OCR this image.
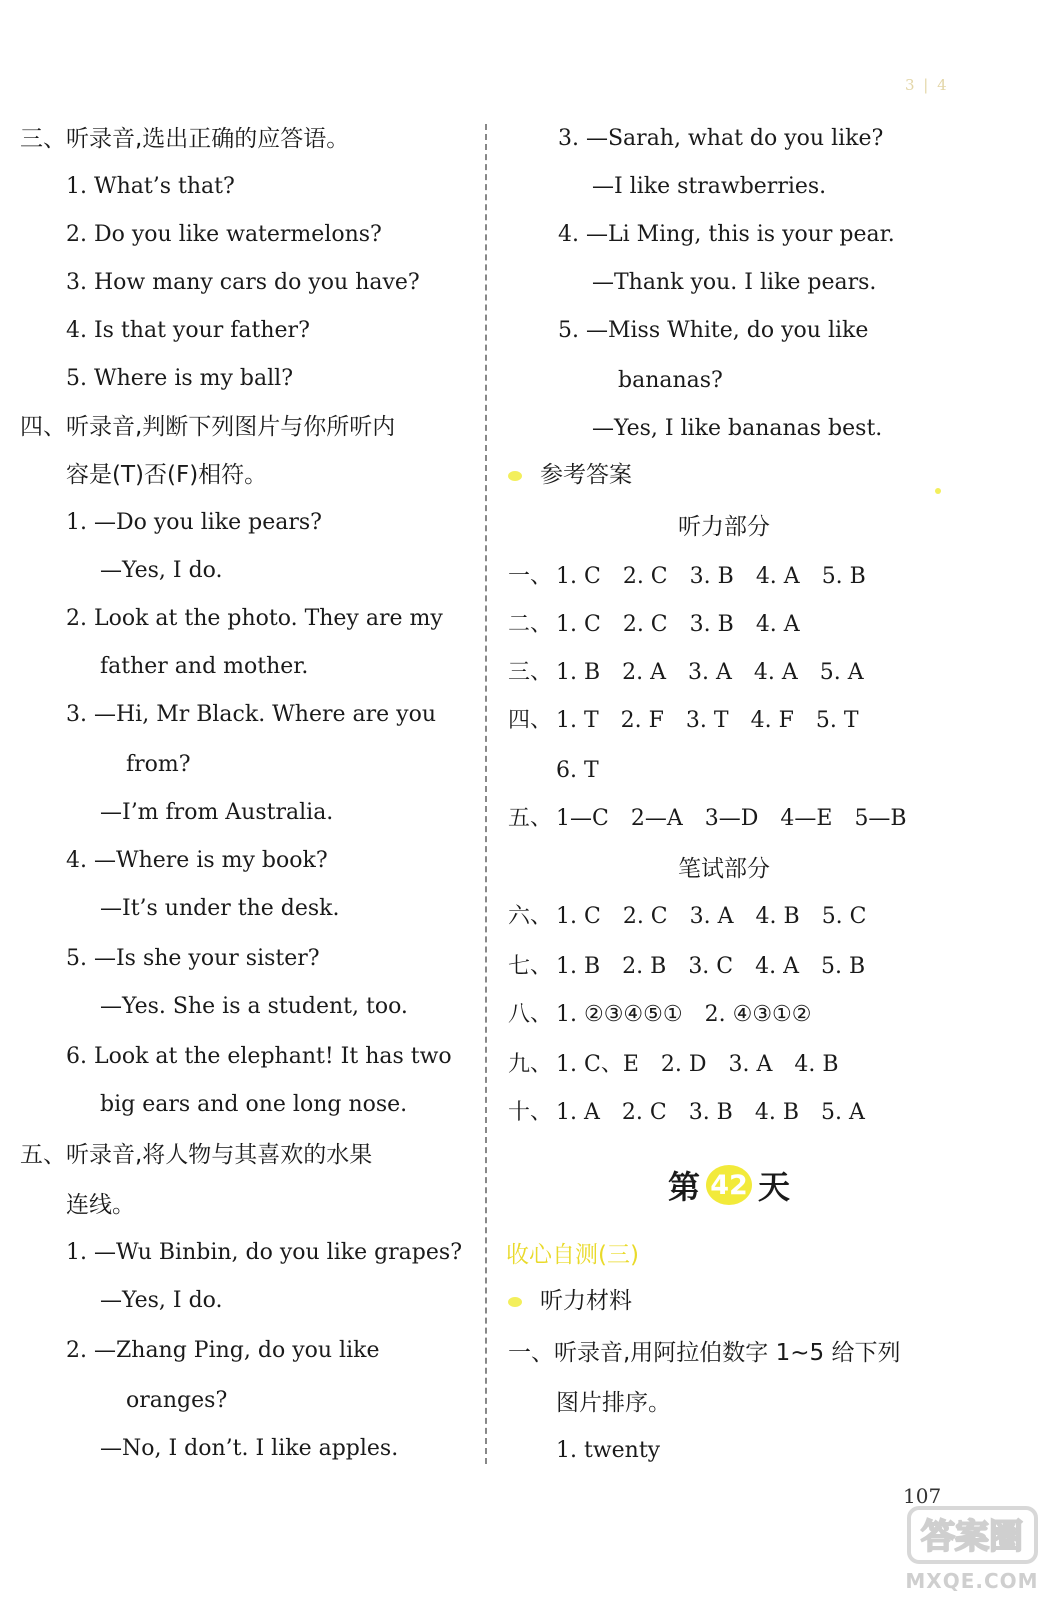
3 | 4
三、听录音,选出正确的应答语。
1. What’s that?
2. Do you like watermelons?
3. How many cars do you have?
4. Is that your father?
5. Where is my ball?
四、听录音,判断下列图片与你所听内
容是(T)否(F)相符。
1. —Do you like pears?
—Yes, I do.
2. Look at the photo. They are my
father and mother.
3. —Hi, Mr Black. Where are you
from?
—I’m from Australia.
4. —Where is my book?
—It’s under the desk.
5. —Is she your sister?
—Yes. She is a student, too.
6. Look at the elephant! It has two
big ears and one long nose.
五、听录音,将人物与其喜欢的水果
连线。
1. —Wu Binbin, do you like grapes?
—Yes, I do.
2. —Zhang Ping, do you like
oranges?
—No, I don’t. I like apples.
3. —Sarah, what do you like?
—I like strawberries.
4. —Li Ming, this is your pear.
—Thank you. I like pears.
5. —Miss White, do you like
bananas?
—Yes, I like bananas best.
参考答案
听力部分
一、 1. C 2. C 3. B 4. A 5. B
二、 1. C 2. C 3. B 4. A
三、 1. B 2. A 3. A 4. A 5. A
四、 1. T 2. F 3. T 4. F 5. T
6. T
五、 1—C 2—A 3—D 4—E 5—B
笔试部分
六、 1. C 2. C 3. A 4. B 5. C
七、 1. B 2. B 3. C 4. A 5. B
八、 1. ②③④⑤① 2. ④③①②
九、 1. C、E 2. D 3. A 4. B
十、 1. A 2. C 3. B 4. B 5. A
第 42 天
收心自测(三)
听力材料
一、听录音,用阿拉伯数字 1~5 给下列
图片排序。
1. twenty
107
答案圈
MXQE.COM
